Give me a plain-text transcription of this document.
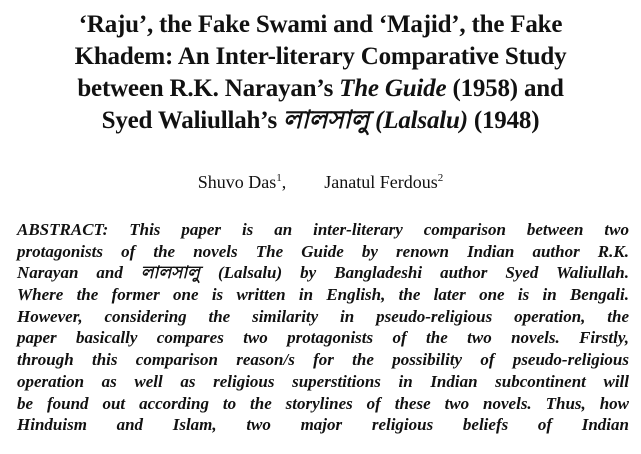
‘Raju’, the Fake Swami and ‘Majid’, the Fake
Khadem: An Inter-literary Comparative Study
between R.K. Narayan’s The Guide (1958) and
Syed Waliullah’s লালসালু (Lalsalu) (1948)
Shuvo Das$^1$, Janatul Ferdous$^2$
ABSTRACT: This paper is an inter-literary comparison between two
protagonists of the novels The Guide by renown Indian author R.K.
Narayan and লালসালু (Lalsalu) by Bangladeshi author Syed Waliullah.
Where the former one is written in English, the later one is in Bengali.
However, considering the similarity in pseudo-religious operation, the
paper basically compares two protagonists of the two novels. Firstly,
through this comparison reason/s for the possibility of pseudo-religious
operation as well as religious superstitions in Indian subcontinent will
be found out according to the storylines of these two novels. Thus, how
Hinduism and Islam, two major religious beliefs of Indian
